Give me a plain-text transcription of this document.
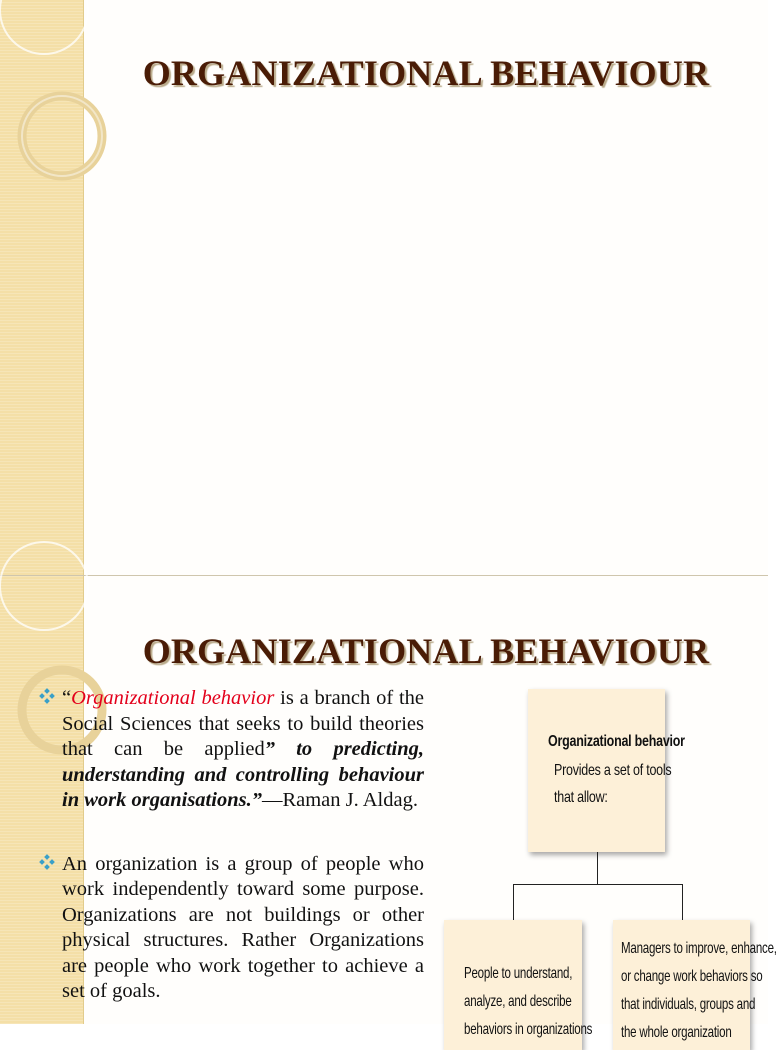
ORGANIZATIONAL BEHAVIOUR
ORGANIZATIONAL BEHAVIOUR
“Organizational behavior is a branch of the Social Sciences that seeks to build theories that can be applied” to predicting, understanding and controlling behaviour in work organisations.”—Raman J. Aldag.
An organization is a group of people who work independently toward some purpose. Organizations are not buildings or other physical structures. Rather Organizations are people who work together to achieve a set of goals.
Organizational behavior
Provides a set of tools
that allow:
People to understand,
analyze, and describe
behaviors in organizations
Managers to improve, enhance,
or change work behaviors so
that individuals, groups and
the whole organization
